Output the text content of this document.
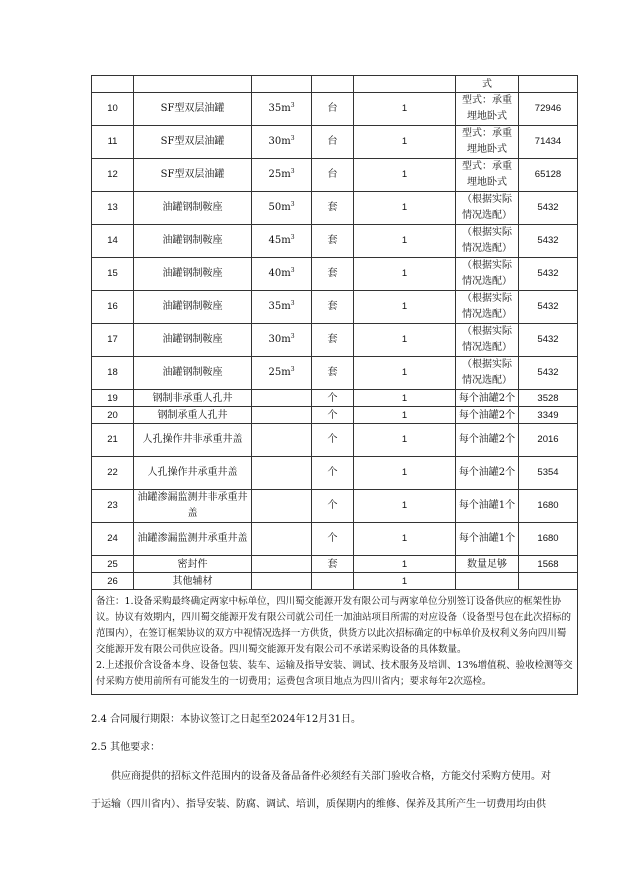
					式	
10	SF型双层油罐	$35m^3$	台	1	型式：承重埋地卧式	72946
11	SF型双层油罐	$30m^3$	台	1	型式：承重埋地卧式	71434
12	SF型双层油罐	$25m^3$	台	1	型式：承重埋地卧式	65128
13	油罐钢制鞍座	$50m^3$	套	1	（根据实际情况选配）	5432
14	油罐钢制鞍座	$45m^3$	套	1	（根据实际情况选配）	5432
15	油罐钢制鞍座	$40m^3$	套	1	（根据实际情况选配）	5432
16	油罐钢制鞍座	$35m^3$	套	1	（根据实际情况选配）	5432
17	油罐钢制鞍座	$30m^3$	套	1	（根据实际情况选配）	5432
18	油罐钢制鞍座	$25m^3$	套	1	（根据实际情况选配）	5432
19	钢制非承重人孔井		个	1	每个油罐2个	3528
20	钢制承重人孔井		个	1	每个油罐2个	3349
21	人孔操作井非承重井盖		个	1	每个油罐2个	2016
22	人孔操作井承重井盖		个	1	每个油罐2个	5354
23	油罐渗漏监测井非承重井盖		个	1	每个油罐1个	1680
24	油罐渗漏监测井承重井盖		个	1	每个油罐1个	1680
25	密封件		套	1	数量足够	1568
26	其他辅材			1		

备注：1.设备采购最终确定两家中标单位，四川蜀交能源开发有限公司与两家单位分别签订设备供应的框架性协议。协议有效期内，四川蜀交能源开发有限公司就公司任一加油站项目所需的对应设备（设备型号包在此次招标的范围内），在签订框架协议的双方中视情况选择一方供货，供货方以此次招标确定的中标单价及权利义务向四川蜀交能源开发有限公司供应设备。四川蜀交能源开发有限公司不承诺采购设备的具体数量。

2.上述报价含设备本身、设备包装、装车、运输及指导安装、调试、技术服务及培训、13%增值税、验收检测等交付采购方使用前所有可能发生的一切费用；运费包含项目地点为四川省内；要求每年2次巡检。						

2.4 合同履行期限：本协议签订之日起至2024年12月31日。

2.5 其他要求：

供应商提供的招标文件范围内的设备及备品备件必须经有关部门验收合格，方能交付采购方使用。对

于运输（四川省内）、指导安装、防腐、调试、培训，质保期内的维修、保养及其所产生一切费用均由供
